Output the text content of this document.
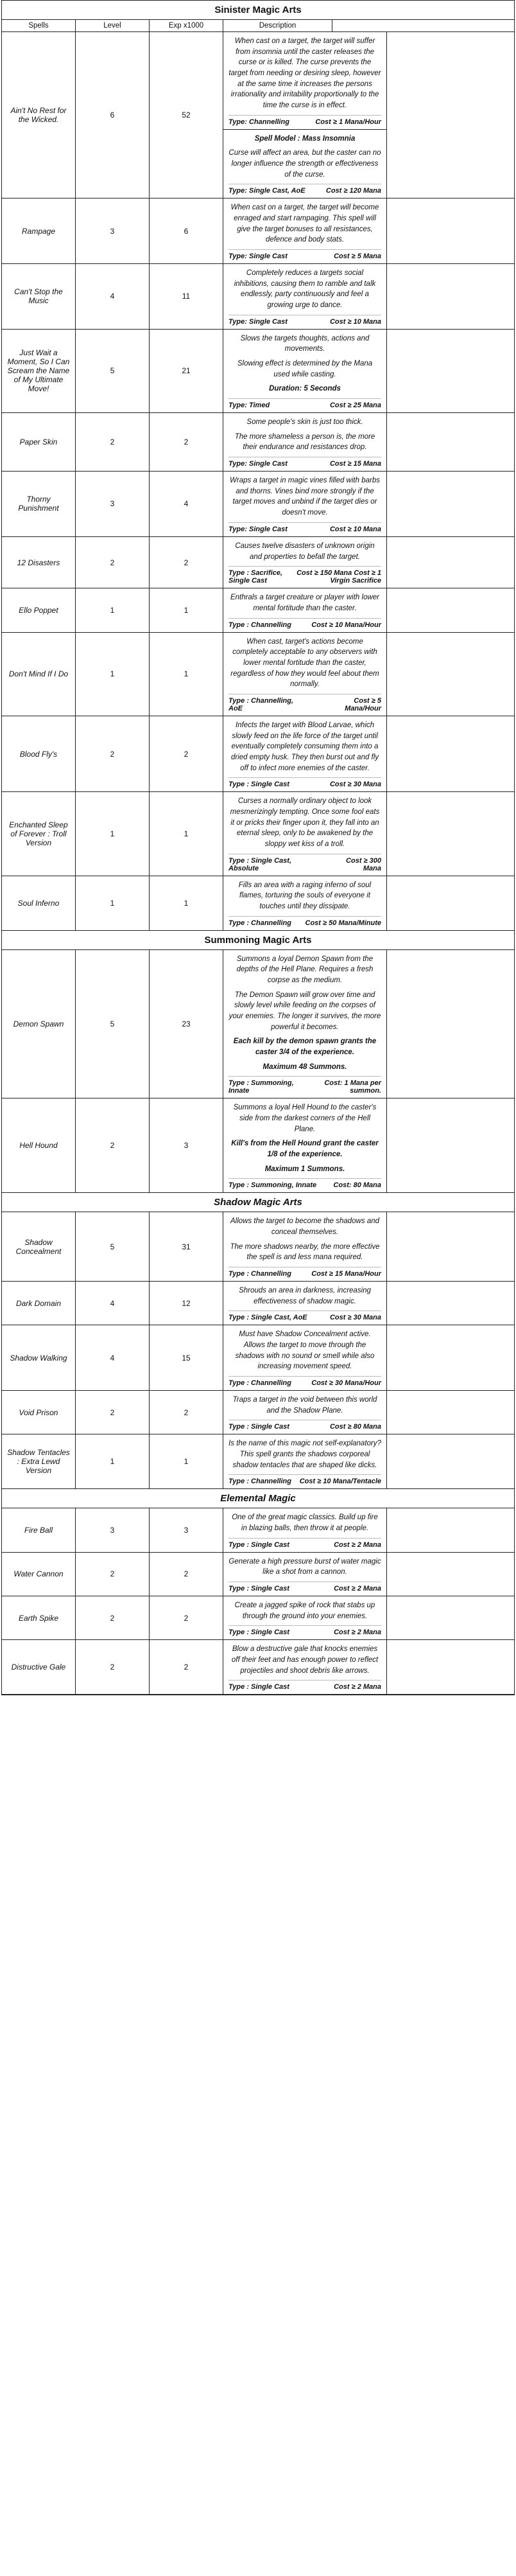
Sinister Magic Arts
Spells	Level	Exp x1000	Description
Ain't No Rest for the Wicked.	6	52

When cast on a target, the target will suffer from insomnia until the caster releases the curse or is killed. The curse prevents the target from needing or desiring sleep, however at the same time it increases the persons irrationality and irritability proportionally to the time the curse is in effect.

Type: Channelling	Cost ≥ 1 Mana/Hour

Spell Model : Mass Insomnia

Curse will affect an area, but the caster can no longer influence the strength or effectiveness of the curse.

Type: Single Cast, AoE	Cost ≥ 120 Mana
Rampage	3	6

When cast on a target, the target will become enraged and start rampaging. This spell will give the target bonuses to all resistances, defence and body stats.

Type: Single Cast	Cost ≥ 5 Mana
Can't Stop the Music	4	11

Completely reduces a targets social inhibitions, causing them to ramble and talk endlessly, party continuously and feel a growing urge to dance.

Type: Single Cast	Cost ≥ 10 Mana
Just Wait a Moment, So I Can Scream the Name of My Ultimate Move!
5	21

Slows the targets thoughts, actions and movements.

Slowing effect is determined by the Mana used while casting.

Duration: 5 Seconds

Type: Timed	Cost ≥ 25 Mana
Paper Skin	2	2

Some people's skin is just too thick.

The more shameless a person is, the more their endurance and resistances drop.

Type: Single Cast	Cost ≥ 15 Mana
Thorny Punishment	3	4

Wraps a target in magic vines filled with barbs and thorns. Vines bind more strongly if the target moves and unbind if the target dies or doesn't move.

Type: Single Cast	Cost ≥ 10 Mana
12 Disasters	2	2

Causes twelve disasters of unknown origin and properties to befall the target.

Type : Sacrifice, Single Cast
Cost ≥ 150 Mana Cost ≥ 1 Virgin Sacrifice
Ello Poppet	1	1

Enthrals a target creature or player with lower mental fortitude than the caster.

Type : Channelling	Cost ≥ 10 Mana/Hour
Don't Mind If I Do	1	1

When cast, target's actions become completely acceptable to any observers with lower mental fortitude than the caster, regardless of how they would feel about them normally.

Type : Channelling, AoE
Cost ≥ 5 Mana/Hour
Blood Fly's	2	2

Infects the target with Blood Larvae, which slowly feed on the life force of the target until eventually completely consuming them into a dried empty husk. They then burst out and fly off to infect more enemies of the caster.

Type : Single Cast	Cost ≥ 30 Mana
Enchanted Sleep of Forever : Troll Version
1	1

Curses a normally ordinary object to look mesmerizingly tempting. Once some fool eats it or pricks their finger upon it, they fall into an eternal sleep, only to be awakened by the sloppy wet kiss of a troll.

Type : Single Cast, Absolute
Cost ≥ 300 Mana
Soul Inferno	1	1

Fills an area with a raging inferno of soul flames, torturing the souls of everyone it touches until they dissipate.

Type : Channelling Cost ≥ 50 Mana/Minute
Summoning Magic Arts
Demon Spawn	5	23

Summons a loyal Demon Spawn from the depths of the Hell Plane. Requires a fresh corpse as the medium.

The Demon Spawn will grow over time and slowly level while feeding on the corpses of your enemies. The longer it survives, the more powerful it becomes.

Each kill by the demon spawn grants the caster 3/4 of the experience.

Maximum 48 Summons.

Type : Summoning, Innate
Cost: 1 Mana per summon.
Hell Hound	2	3

Summons a loyal Hell Hound to the caster's side from the darkest corners of the Hell Plane.

Kill's from the Hell Hound grant the caster 1/8 of the experience.

Maximum 1 Summons.

Type : Summoning, Innate Cost: 80 Mana
Shadow Magic Arts
Shadow Concealment	5	31

Allows the target to become the shadows and conceal themselves.

The more shadows nearby, the more effective the spell is and less mana required.

Type : Channelling	Cost ≥ 15 Mana/Hour
Dark Domain	4	12

Shrouds an area in darkness, increasing effectiveness of shadow magic.

Type : Single Cast, AoE	Cost ≥ 30 Mana
Shadow Walking	4	15

Must have Shadow Concealment active. Allows the target to move through the shadows with no sound or smell while also increasing movement speed.

Type : Channelling	Cost ≥ 30 Mana/Hour
Void Prison	2	2

Traps a target in the void between this world and the Shadow Plane.

Type : Single Cast	Cost ≥ 80 Mana
Shadow Tentacles : Extra Lewd Version
1	1

Is the name of this magic not self-explanatory? This spell grants the shadows corporeal shadow tentacles that are shaped like dicks.

Type : Channelling Cost ≥ 10 Mana/Tentacle
Elemental Magic
Fire Ball	3	3

One of the great magic classics. Build up fire in blazing balls, then throw it at people.

Type : Single Cast	Cost ≥ 2 Mana
Water Cannon	2	2

Generate a high pressure burst of water magic like a shot from a cannon.

Type : Single Cast	Cost ≥ 2 Mana
Earth Spike	2	2

Create a jagged spike of rock that stabs up through the ground into your enemies.

Type : Single Cast	Cost ≥ 2 Mana
Distructive Gale	2	2

Blow a destructive gale that knocks enemies off their feet and has enough power to reflect projectiles and shoot debris like arrows.

Type : Single Cast	Cost ≥ 2 Mana
